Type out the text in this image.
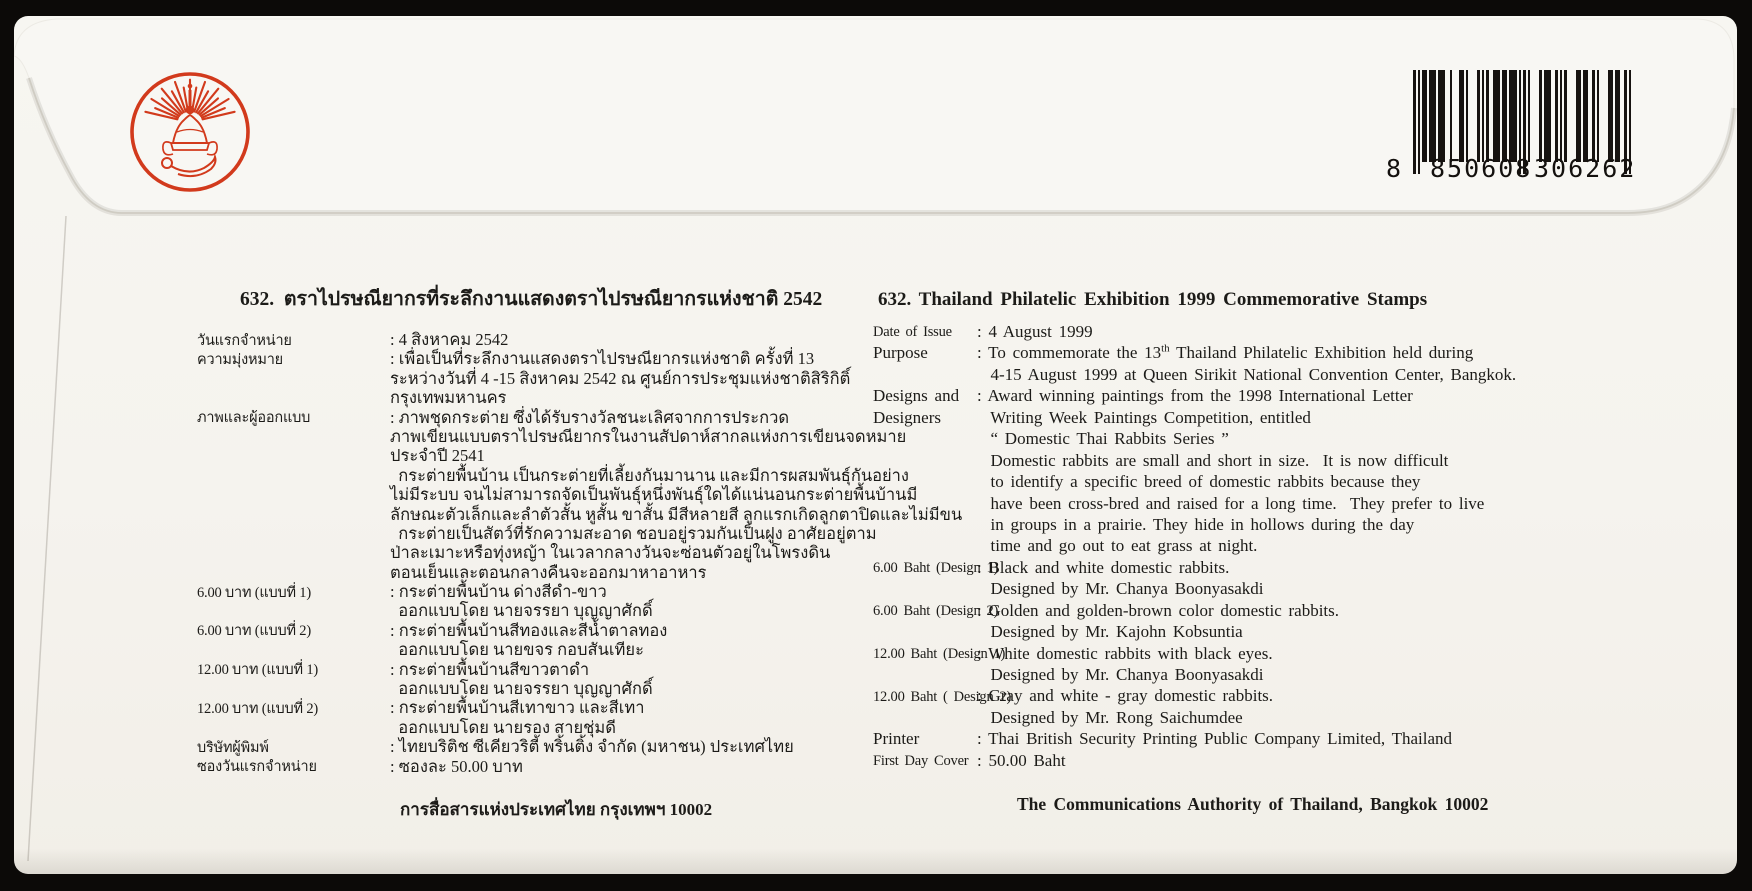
8 850608 306262
632.  ตราไปรษณียากรที่ระลึกงานแสดงตราไปรษณียากรแห่งชาติ 2542
วันแรกจำหน่าย	: 4 สิงหาคม 2542
ความมุ่งหมาย	: เพื่อเป็นที่ระลึกงานแสดงตราไปรษณียากรแห่งชาติ ครั้งที่ 13
ระหว่างวันที่ 4 -15 สิงหาคม 2542 ณ ศูนย์การประชุมแห่งชาติสิริกิติ์
กรุงเทพมหานคร
ภาพและผู้ออกแบบ	: ภาพชุดกระต่าย ซึ่งได้รับรางวัลชนะเลิศจากการประกวด
ภาพเขียนแบบตราไปรษณียากรในงานสัปดาห์สากลแห่งการเขียนจดหมาย
ประจำปี 2541
กระต่ายพื้นบ้าน เป็นกระต่ายที่เลี้ยงกันมานาน และมีการผสมพันธุ์กันอย่าง
ไม่มีระบบ จนไม่สามารถจัดเป็นพันธุ์หนึ่งพันธุ์ใดได้แน่นอนกระต่ายพื้นบ้านมี
ลักษณะตัวเล็กและลำตัวสั้น หูสั้น ขาสั้น มีสีหลายสี ลูกแรกเกิดลูกตาปิดและไม่มีขน
กระต่ายเป็นสัตว์ที่รักความสะอาด ชอบอยู่รวมกันเป็นฝูง อาศัยอยู่ตาม
ป่าละเมาะหรือทุ่งหญ้า ในเวลากลางวันจะซ่อนตัวอยู่ในโพรงดิน
ตอนเย็นและตอนกลางคืนจะออกมาหาอาหาร
6.00 บาท (แบบที่ 1)	: กระต่ายพื้นบ้าน ด่างสีดำ-ขาว
ออกแบบโดย นายจรรยา บุญญาศักดิ์
6.00 บาท (แบบที่ 2)	: กระต่ายพื้นบ้านสีทองและสีน้ำตาลทอง
ออกแบบโดย นายขจร กอบสันเทียะ
12.00 บาท (แบบที่ 1)	: กระต่ายพื้นบ้านสีขาวตาดำ
ออกแบบโดย นายจรรยา บุญญาศักดิ์
12.00 บาท (แบบที่ 2)	: กระต่ายพื้นบ้านสีเทาขาว และสีเทา
ออกแบบโดย นายรอง สายชุ่มดี
บริษัทผู้พิมพ์	: ไทยบริติช ซีเคียวริตี้ พริ้นติ้ง จำกัด (มหาชน) ประเทศไทย
ซองวันแรกจำหน่าย	: ซองละ 50.00 บาท
การสื่อสารแห่งประเทศไทย กรุงเทพฯ 10002
632. Thailand Philatelic Exhibition 1999 Commemorative Stamps
Date of Issue	: 4 August 1999
Purpose	: To commemorate the 13th Thailand Philatelic Exhibition held during
4-15 August 1999 at Queen Sirikit National Convention Center, Bangkok.
Designs and	: Award winning paintings from the 1998 International Letter
Designers	Writing Week Paintings Competition, entitled
“ Domestic Thai Rabbits Series ”
Domestic rabbits are small and short in size.  It is now difficult
to identify a specific breed of domestic rabbits because they
have been cross-bred and raised for a long time.  They prefer to live
in groups in a prairie. They hide in hollows during the day
time and go out to eat grass at night.
6.00 Baht (Design 1)
: Black and white domestic rabbits.
Designed by Mr. Chanya Boonyasakdi
6.00 Baht (Design 2)
: Golden and golden-brown color domestic rabbits.
Designed by Mr. Kajohn Kobsuntia
12.00 Baht (Design 1)
: White domestic rabbits with black eyes.
Designed by Mr. Chanya Boonyasakdi
12.00 Baht ( Design 2)
: Gray and white - gray domestic rabbits.
Designed by Mr. Rong Saichumdee
Printer	: Thai British Security Printing Public Company Limited, Thailand
First Day Cover : 50.00 Baht
The Communications Authority of Thailand, Bangkok 10002
